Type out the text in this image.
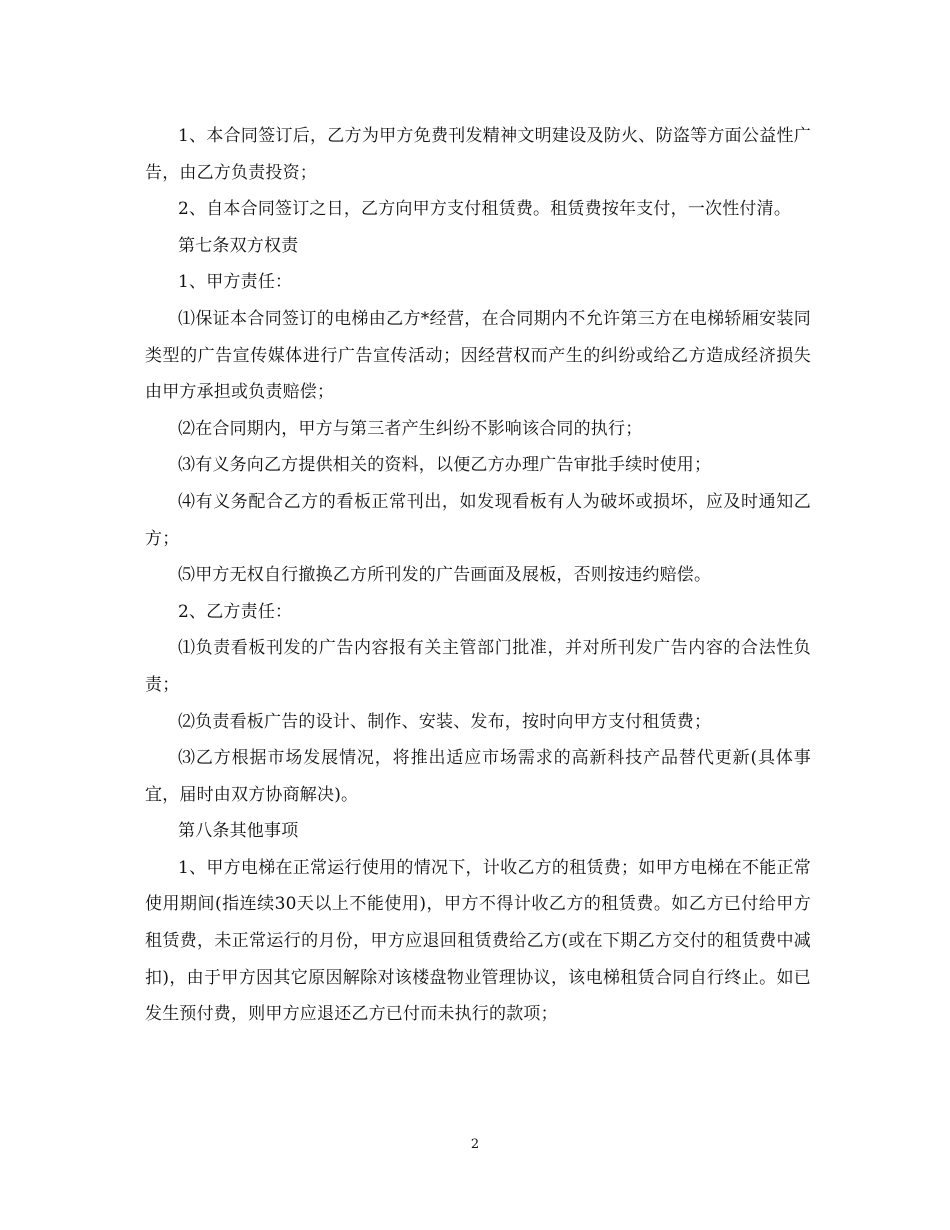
1、本合同签订后，乙方为甲方免费刊发精神文明建设及防火、防盗等方面公益性广告，由乙方负责投资；

2、自本合同签订之日，乙方向甲方支付租赁费。租赁费按年支付，一次性付清。

第七条双方权责

1、甲方责任：

⑴保证本合同签订的电梯由乙方*经营，在合同期内不允许第三方在电梯轿厢安装同类型的广告宣传媒体进行广告宣传活动；因经营权而产生的纠纷或给乙方造成经济损失由甲方承担或负责赔偿；

⑵在合同期内，甲方与第三者产生纠纷不影响该合同的执行；

⑶有义务向乙方提供相关的资料，以便乙方办理广告审批手续时使用；

⑷有义务配合乙方的看板正常刊出，如发现看板有人为破坏或损坏，应及时通知乙方；

⑸甲方无权自行撤换乙方所刊发的广告画面及展板，否则按违约赔偿。

2、乙方责任：

⑴负责看板刊发的广告内容报有关主管部门批准，并对所刊发广告内容的合法性负责；

⑵负责看板广告的设计、制作、安装、发布，按时向甲方支付租赁费；

⑶乙方根据市场发展情况，将推出适应市场需求的高新科技产品替代更新(具体事宜，届时由双方协商解决)。

第八条其他事项

1、甲方电梯在正常运行使用的情况下，计收乙方的租赁费；如甲方电梯在不能正常使用期间(指连续30天以上不能使用)，甲方不得计收乙方的租赁费。如乙方已付给甲方租赁费，未正常运行的月份，甲方应退回租赁费给乙方(或在下期乙方交付的租赁费中减扣)，由于甲方因其它原因解除对该楼盘物业管理协议，该电梯租赁合同自行终止。如已发生预付费，则甲方应退还乙方已付而未执行的款项；

2
